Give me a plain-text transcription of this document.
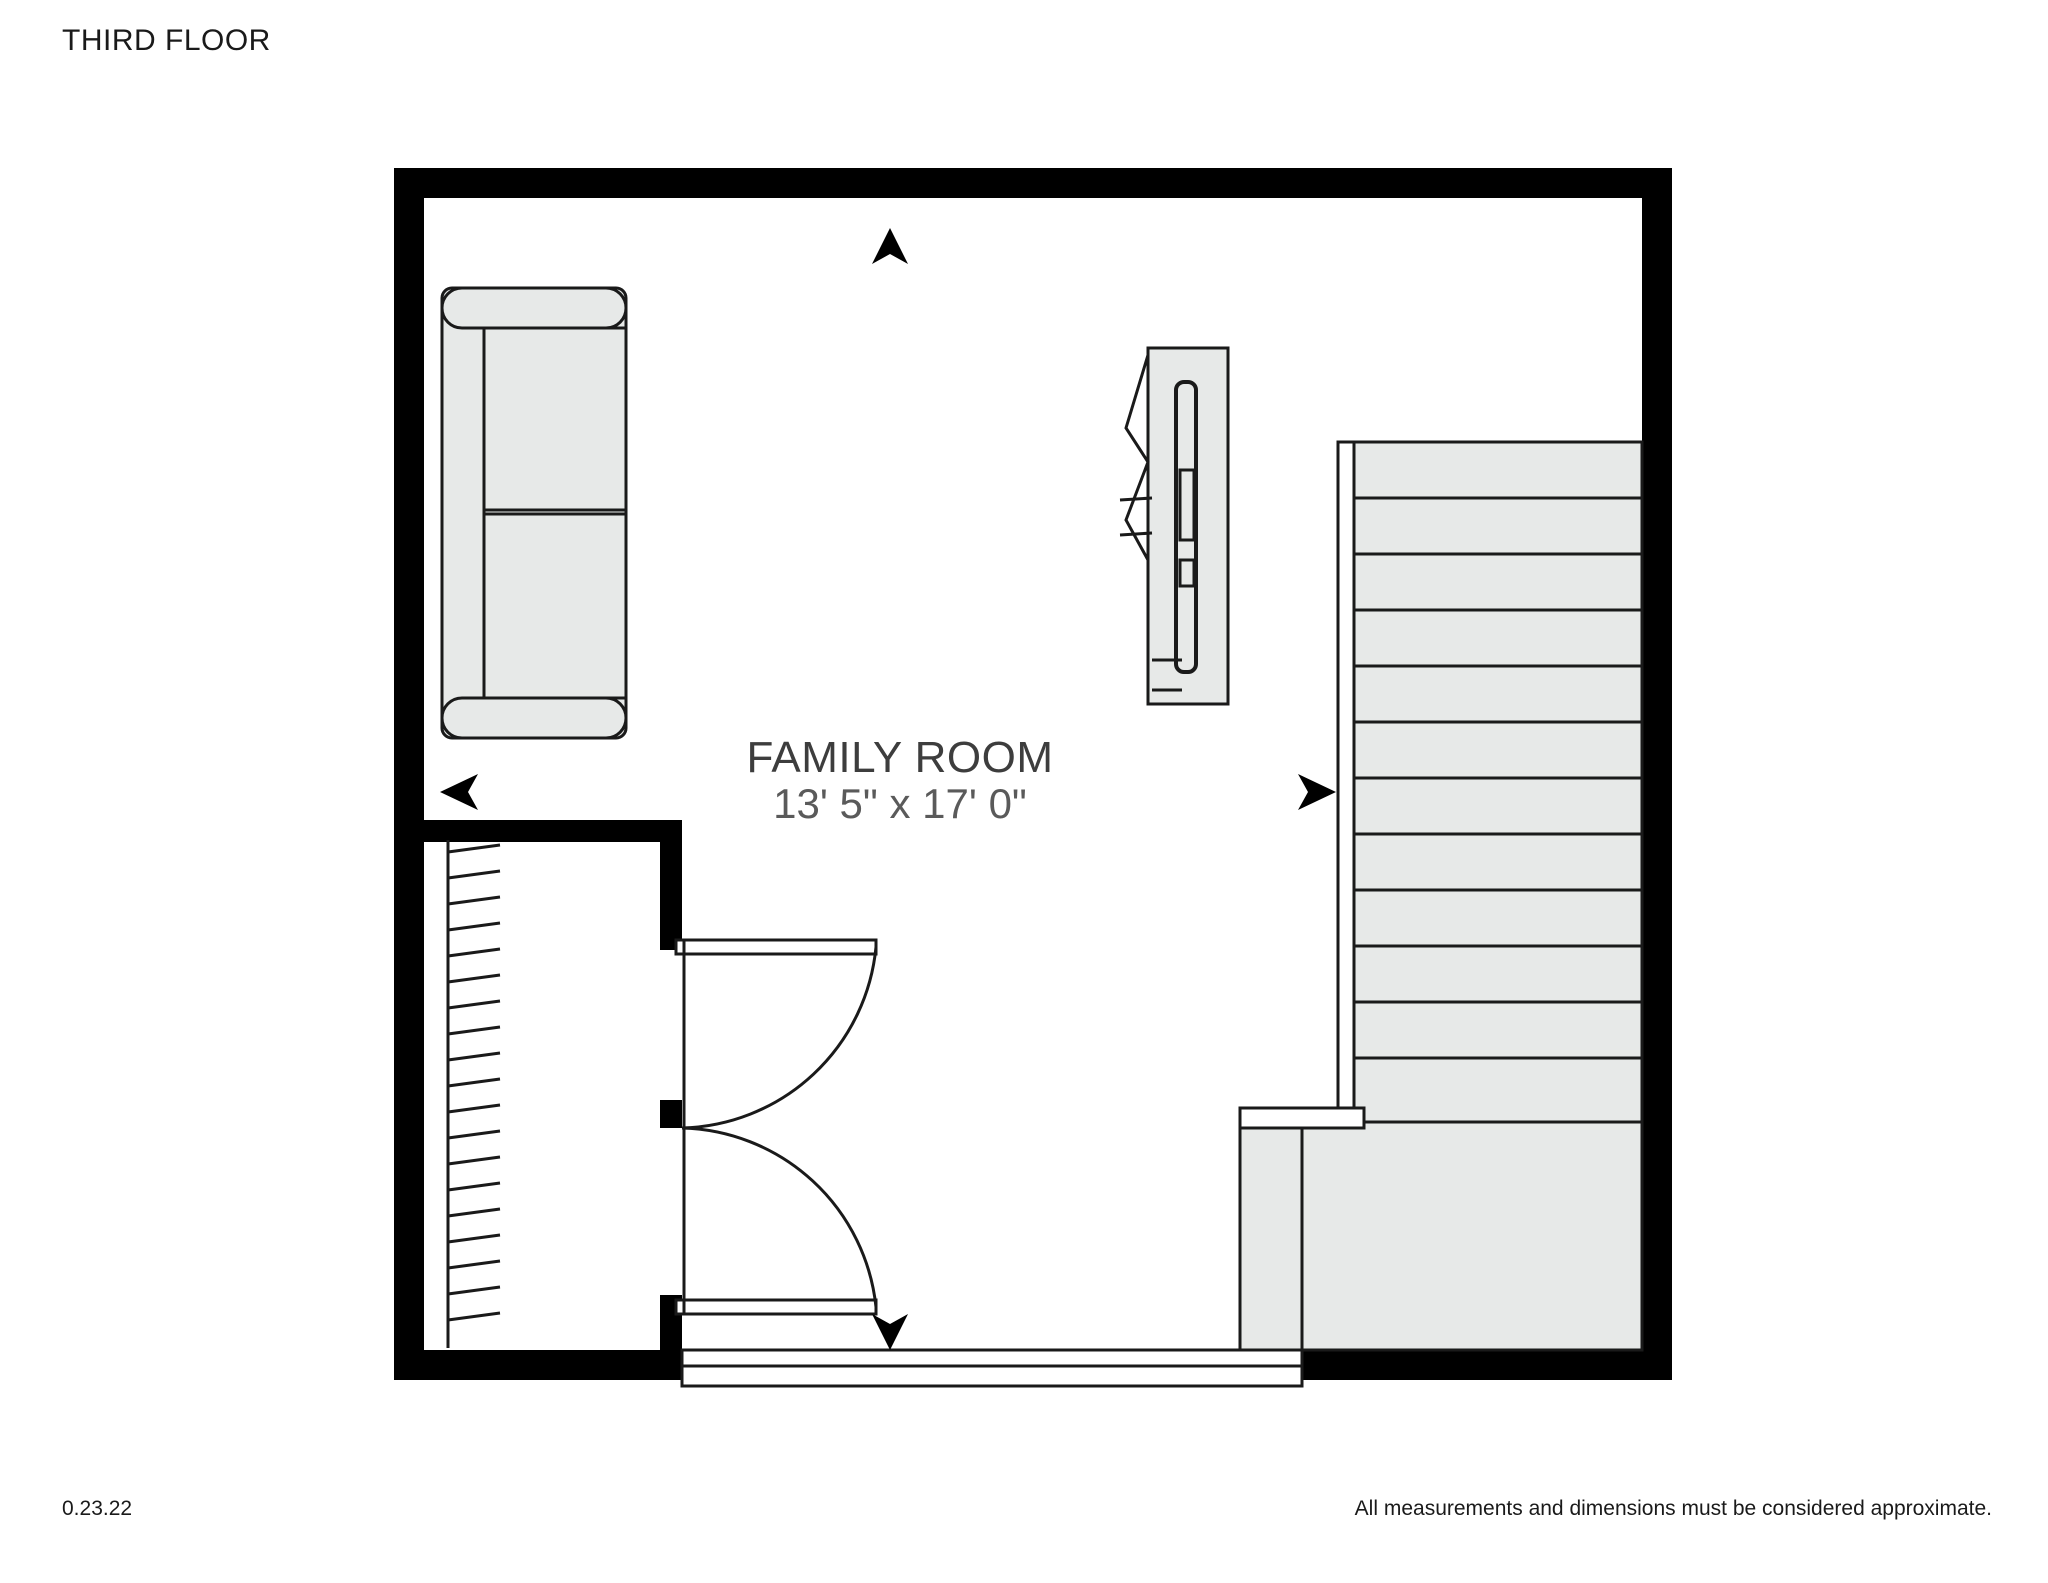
THIRD FLOOR
FAMILY ROOM
13' 5" x 17' 0"
0.23.22	All measurements and dimensions must be considered approximate.
